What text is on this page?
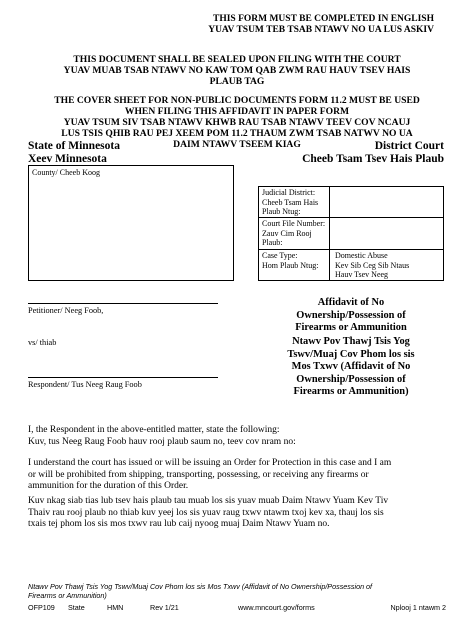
THIS FORM MUST BE COMPLETED IN ENGLISH
YUAV TSUM TEB TSAB NTAWV NO UA LUS ASKIV
THIS DOCUMENT SHALL BE SEALED UPON FILING WITH THE COURT
YUAV MUAB TSAB NTAWV NO KAW TOM QAB ZWM RAU HAUV TSEV HAIS
PLAUB TAG
THE COVER SHEET FOR NON-PUBLIC DOCUMENTS FORM 11.2 MUST BE USED
WHEN FILING THIS AFFIDAVIT IN PAPER FORM
YUAV TSUM SIV TSAB NTAWV KHWB RAU TSAB NTAWV TEEV COV NCAUJ
LUS TSIS QHIB RAU PEJ XEEM POM 11.2 THAUM ZWM TSAB NATWV NO UA
DAIM NTAWV TSEEM KIAG
State of Minnesota
Xeev Minnesota
District Court
Cheeb Tsam Tsev Hais Plaub
County/ Cheeb Koog
Judicial District:
Cheeb Tsam Hais
Plaub Ntug:
Court File Number:
Zauv Cim Rooj
Plaub:
Case Type:
Hom Plaub Ntug:
Domestic Abuse
Kev Sib Ceg Sib Ntaus
Hauv Tsev Neeg
Petitioner/ Neeg Foob,
vs/ thiab
Respondent/ Tus Neeg Raug Foob
Affidavit of No
Ownership/Possession of
Firearms or Ammunition
Ntawv Pov Thawj Tsis Yog
Tswv/Muaj Cov Phom los sis
Mos Txwv (Affidavit of No
Ownership/Possession of
Firearms or Ammunition)
I, the Respondent in the above-entitled matter, state the following:
Kuv, tus Neeg Raug Foob hauv rooj plaub saum no, teev cov nram no:
I understand the court has issued or will be issuing an Order for Protection in this case and I am
or will be prohibited from shipping, transporting, possessing, or receiving any firearms or
ammunition for the duration of this Order.
Kuv nkag siab tias lub tsev hais plaub tau muab los sis yuav muab Daim Ntawv Yuam Kev Tiv
Thaiv rau rooj plaub no thiab kuv yeej los sis yuav raug txwv ntawm txoj kev xa, thauj los sis
txais tej phom los sis mos txwv rau lub caij nyoog muaj Daim Ntawv Yuam no.
Ntawv Pov Thawj Tsis Yog Tswv/Muaj Cov Phom los sis Mos Txwv (Affidavit of No Ownership/Possession of
Firearms or Ammunition)
OFP109 State	HMN	Rev 1/21	www.mncourt.gov/forms	Nplooj 1 ntawm 2
